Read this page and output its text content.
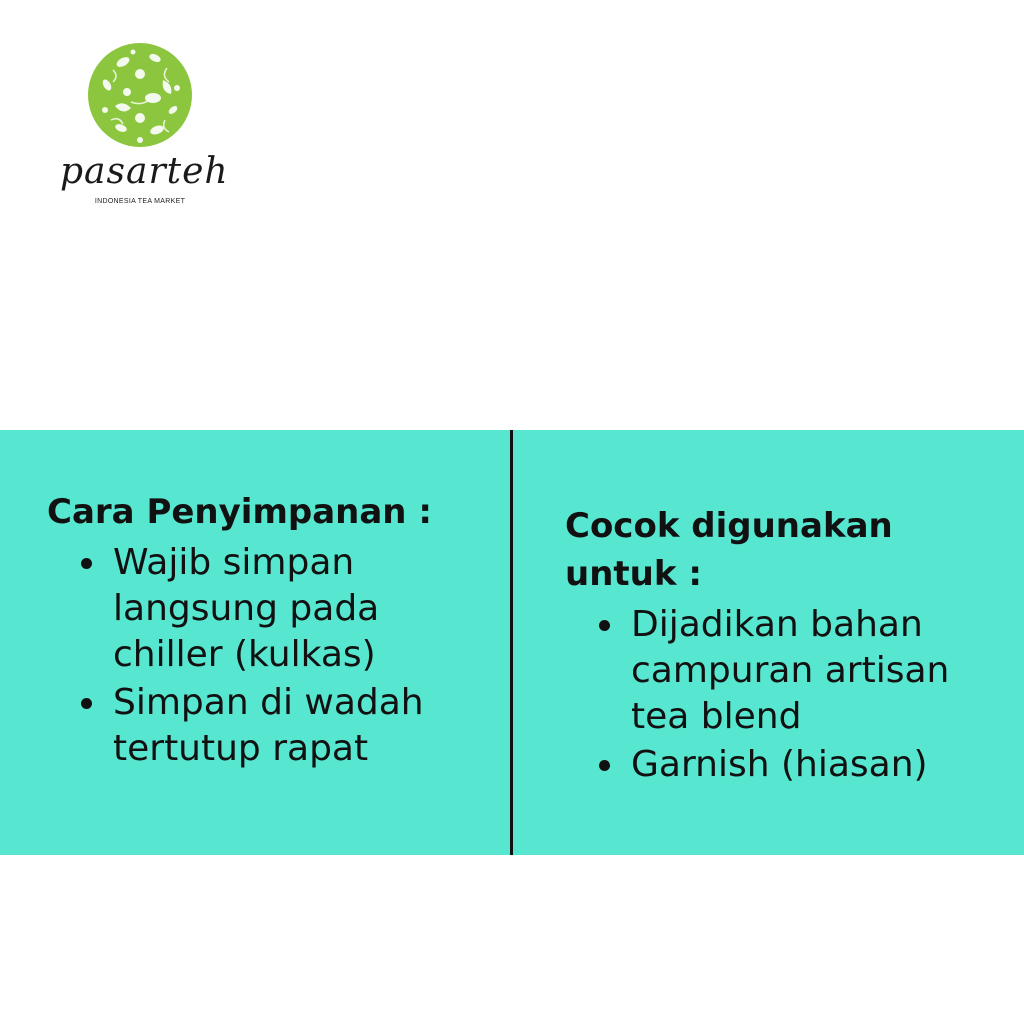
pasarteh
INDONESIA TEA MARKET
Cara Penyimpanan :
Wajib simpan langsung pada chiller (kulkas)
Simpan di wadah tertutup rapat
Cocok digunakan untuk :
Dijadikan bahan campuran artisan tea blend
Garnish (hiasan)
